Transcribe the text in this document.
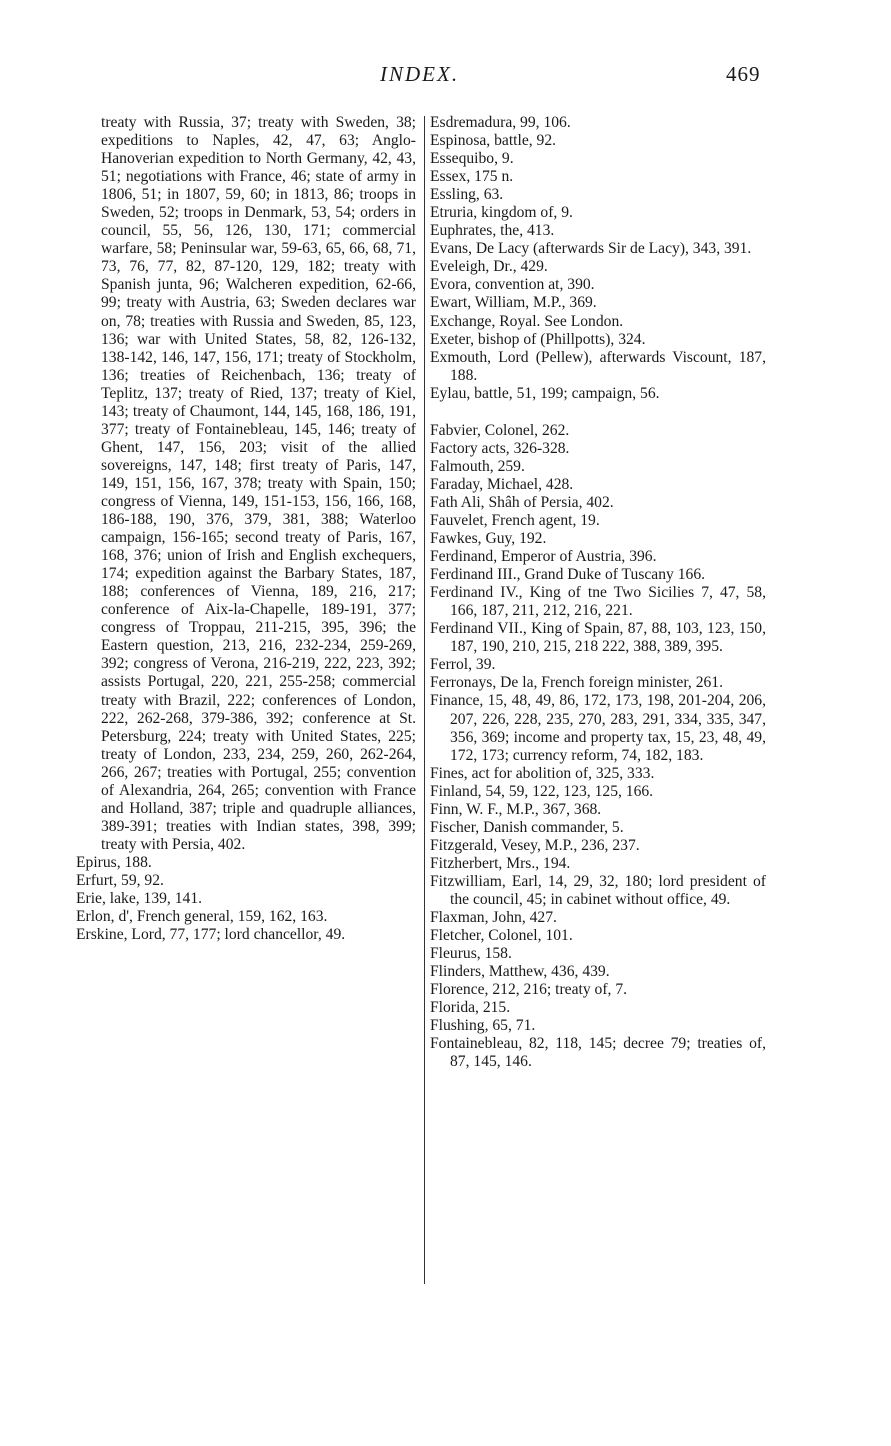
INDEX.	469
treaty with Russia, 37; treaty with Sweden, 38; expeditions to Naples, 42, 47, 63; Anglo-Hanoverian expedition to North Germany, 42, 43, 51; negotiations with France, 46; state of army in 1806, 51; in 1807, 59, 60; in 1813, 86; troops in Sweden, 52; troops in Denmark, 53, 54; orders in council, 55, 56, 126, 130, 171; commercial warfare, 58; Peninsular war, 59-63, 65, 66, 68, 71, 73, 76, 77, 82, 87-120, 129, 182; treaty with Spanish junta, 96; Walcheren expedition, 62-66, 99; treaty with Austria, 63; Sweden declares war on, 78; treaties with Russia and Sweden, 85, 123, 136; war with United States, 58, 82, 126-132, 138-142, 146, 147, 156, 171; treaty of Stockholm, 136; treaties of Reichenbach, 136; treaty of Teplitz, 137; treaty of Ried, 137; treaty of Kiel, 143; treaty of Chaumont, 144, 145, 168, 186, 191, 377; treaty of Fontainebleau, 145, 146; treaty of Ghent, 147, 156, 203; visit of the allied sovereigns, 147, 148; first treaty of Paris, 147, 149, 151, 156, 167, 378; treaty with Spain, 150; congress of Vienna, 149, 151-153, 156, 166, 168, 186-188, 190, 376, 379, 381, 388; Waterloo campaign, 156-165; second treaty of Paris, 167, 168, 376; union of Irish and English exchequers, 174; expedition against the Barbary States, 187, 188; conferences of Vienna, 189, 216, 217; conference of Aix-la-Chapelle, 189-191, 377; congress of Troppau, 211-215, 395, 396; the Eastern question, 213, 216, 232-234, 259-269, 392; congress of Verona, 216-219, 222, 223, 392; assists Portugal, 220, 221, 255-258; commercial treaty with Brazil, 222; conferences of London, 222, 262-268, 379-386, 392; conference at St. Petersburg, 224; treaty with United States, 225; treaty of London, 233, 234, 259, 260, 262-264, 266, 267; treaties with Portugal, 255; convention of Alexandria, 264, 265; convention with France and Holland, 387; triple and quadruple alliances, 389-391; treaties with Indian states, 398, 399; treaty with Persia, 402.
Epirus, 188.
Erfurt, 59, 92.
Erie, lake, 139, 141.
Erlon, d', French general, 159, 162, 163.
Erskine, Lord, 77, 177; lord chancellor, 49.
Esdremadura, 99, 106.
Espinosa, battle, 92.
Essequibo, 9.
Essex, 175 n.
Essling, 63.
Etruria, kingdom of, 9.
Euphrates, the, 413.
Evans, De Lacy (afterwards Sir de Lacy), 343, 391.
Eveleigh, Dr., 429.
Evora, convention at, 390.
Ewart, William, M.P., 369.
Exchange, Royal. See London.
Exeter, bishop of (Phillpotts), 324.
Exmouth, Lord (Pellew), afterwards Viscount, 187, 188.
Eylau, battle, 51, 199; campaign, 56.
Fabvier, Colonel, 262.
Factory acts, 326-328.
Falmouth, 259.
Faraday, Michael, 428.
Fath Ali, Shâh of Persia, 402.
Fauvelet, French agent, 19.
Fawkes, Guy, 192.
Ferdinand, Emperor of Austria, 396.
Ferdinand III., Grand Duke of Tuscany 166.
Ferdinand IV., King of tne Two Sicilies 7, 47, 58, 166, 187, 211, 212, 216, 221.
Ferdinand VII., King of Spain, 87, 88, 103, 123, 150, 187, 190, 210, 215, 218 222, 388, 389, 395.
Ferrol, 39.
Ferronays, De la, French foreign minister, 261.
Finance, 15, 48, 49, 86, 172, 173, 198, 201-204, 206, 207, 226, 228, 235, 270, 283, 291, 334, 335, 347, 356, 369; income and property tax, 15, 23, 48, 49, 172, 173; currency reform, 74, 182, 183.
Fines, act for abolition of, 325, 333.
Finland, 54, 59, 122, 123, 125, 166.
Finn, W. F., M.P., 367, 368.
Fischer, Danish commander, 5.
Fitzgerald, Vesey, M.P., 236, 237.
Fitzherbert, Mrs., 194.
Fitzwilliam, Earl, 14, 29, 32, 180; lord president of the council, 45; in cabinet without office, 49.
Flaxman, John, 427.
Fletcher, Colonel, 101.
Fleurus, 158.
Flinders, Matthew, 436, 439.
Florence, 212, 216; treaty of, 7.
Florida, 215.
Flushing, 65, 71.
Fontainebleau, 82, 118, 145; decree 79; treaties of, 87, 145, 146.
